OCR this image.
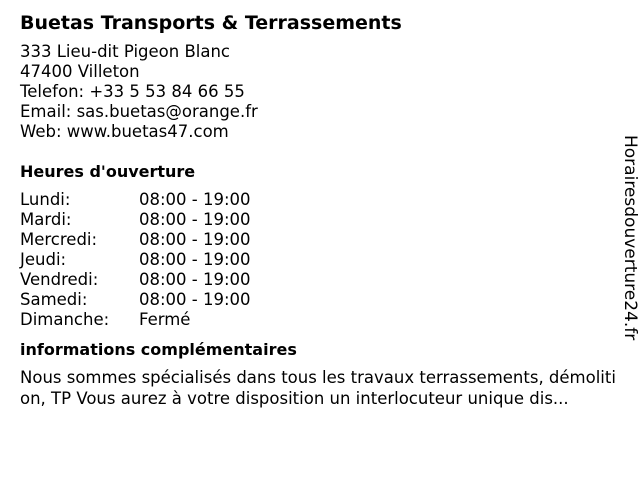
Buetas Transports & Terrassements
333 Lieu-dit Pigeon Blanc
47400 Villeton
Telefon: +33 5 53 84 66 55
Email: sas.buetas@orange.fr
Web: www.buetas47.com
Heures d'ouverture
Lundi:	08:00 - 19:00
Mardi:	08:00 - 19:00
Mercredi:	08:00 - 19:00
Jeudi:	08:00 - 19:00
Vendredi:	08:00 - 19:00
Samedi:	08:00 - 19:00
Dimanche:	Fermé
informations complémentaires
Nous sommes spécialisés dans tous les travaux terrassements, démolition, TP Vous aurez à votre disposition un interlocuteur unique dis...
Horairesdouverture24.fr
